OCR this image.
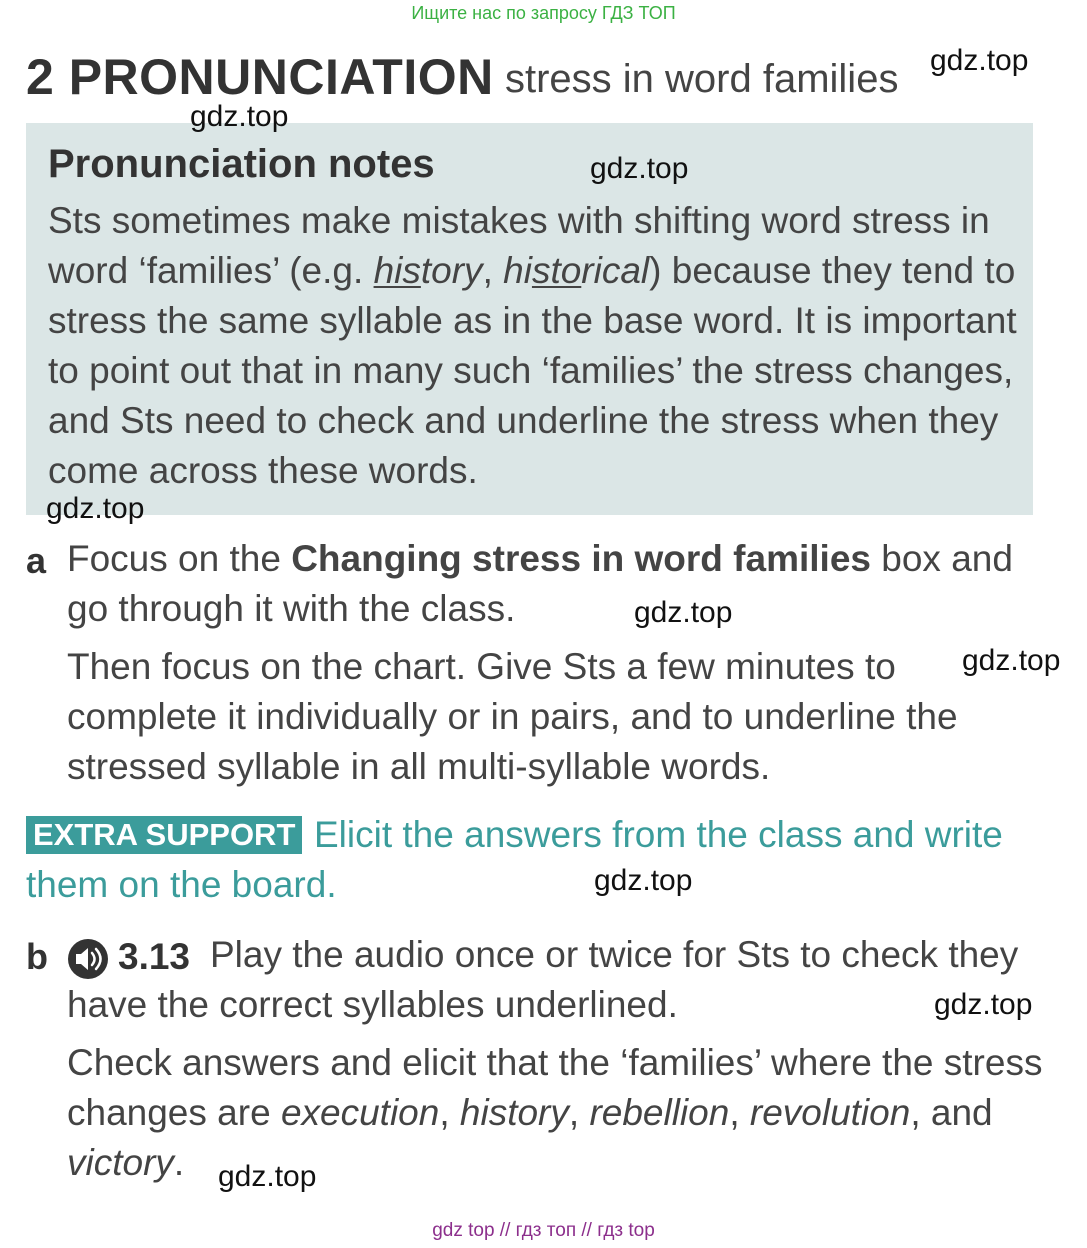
Ищите нас по запросу ГДЗ ТОП
2 PRONUNCIATION stress in word families
Pronunciation notes
Sts sometimes make mistakes with shifting word stress in
word ‘families’ (e.g. history, historical) because they tend to
stress the same syllable as in the base word. It is important
to point out that in many such ‘families’ the stress changes,
and Sts need to check and underline the stress when they
come across these words.
a Focus on the Changing stress in word families box and
go through it with the class.
Then focus on the chart. Give Sts a few minutes to
complete it individually or in pairs, and to underline the
stressed syllable in all multi-syllable words.
EXTRA SUPPORT Elicit the answers from the class and write
them on the board.
b 3.13 Play the audio once or twice for Sts to check they
have the correct syllables underlined.
Check answers and elicit that the ‘families’ where the stress
changes are execution, history, rebellion, revolution, and
victory.
gdz.top
gdz.top
gdz.top
gdz.top
gdz.top
gdz.top
gdz.top
gdz.top
gdz.top
gdz top // гдз топ // гдз top
